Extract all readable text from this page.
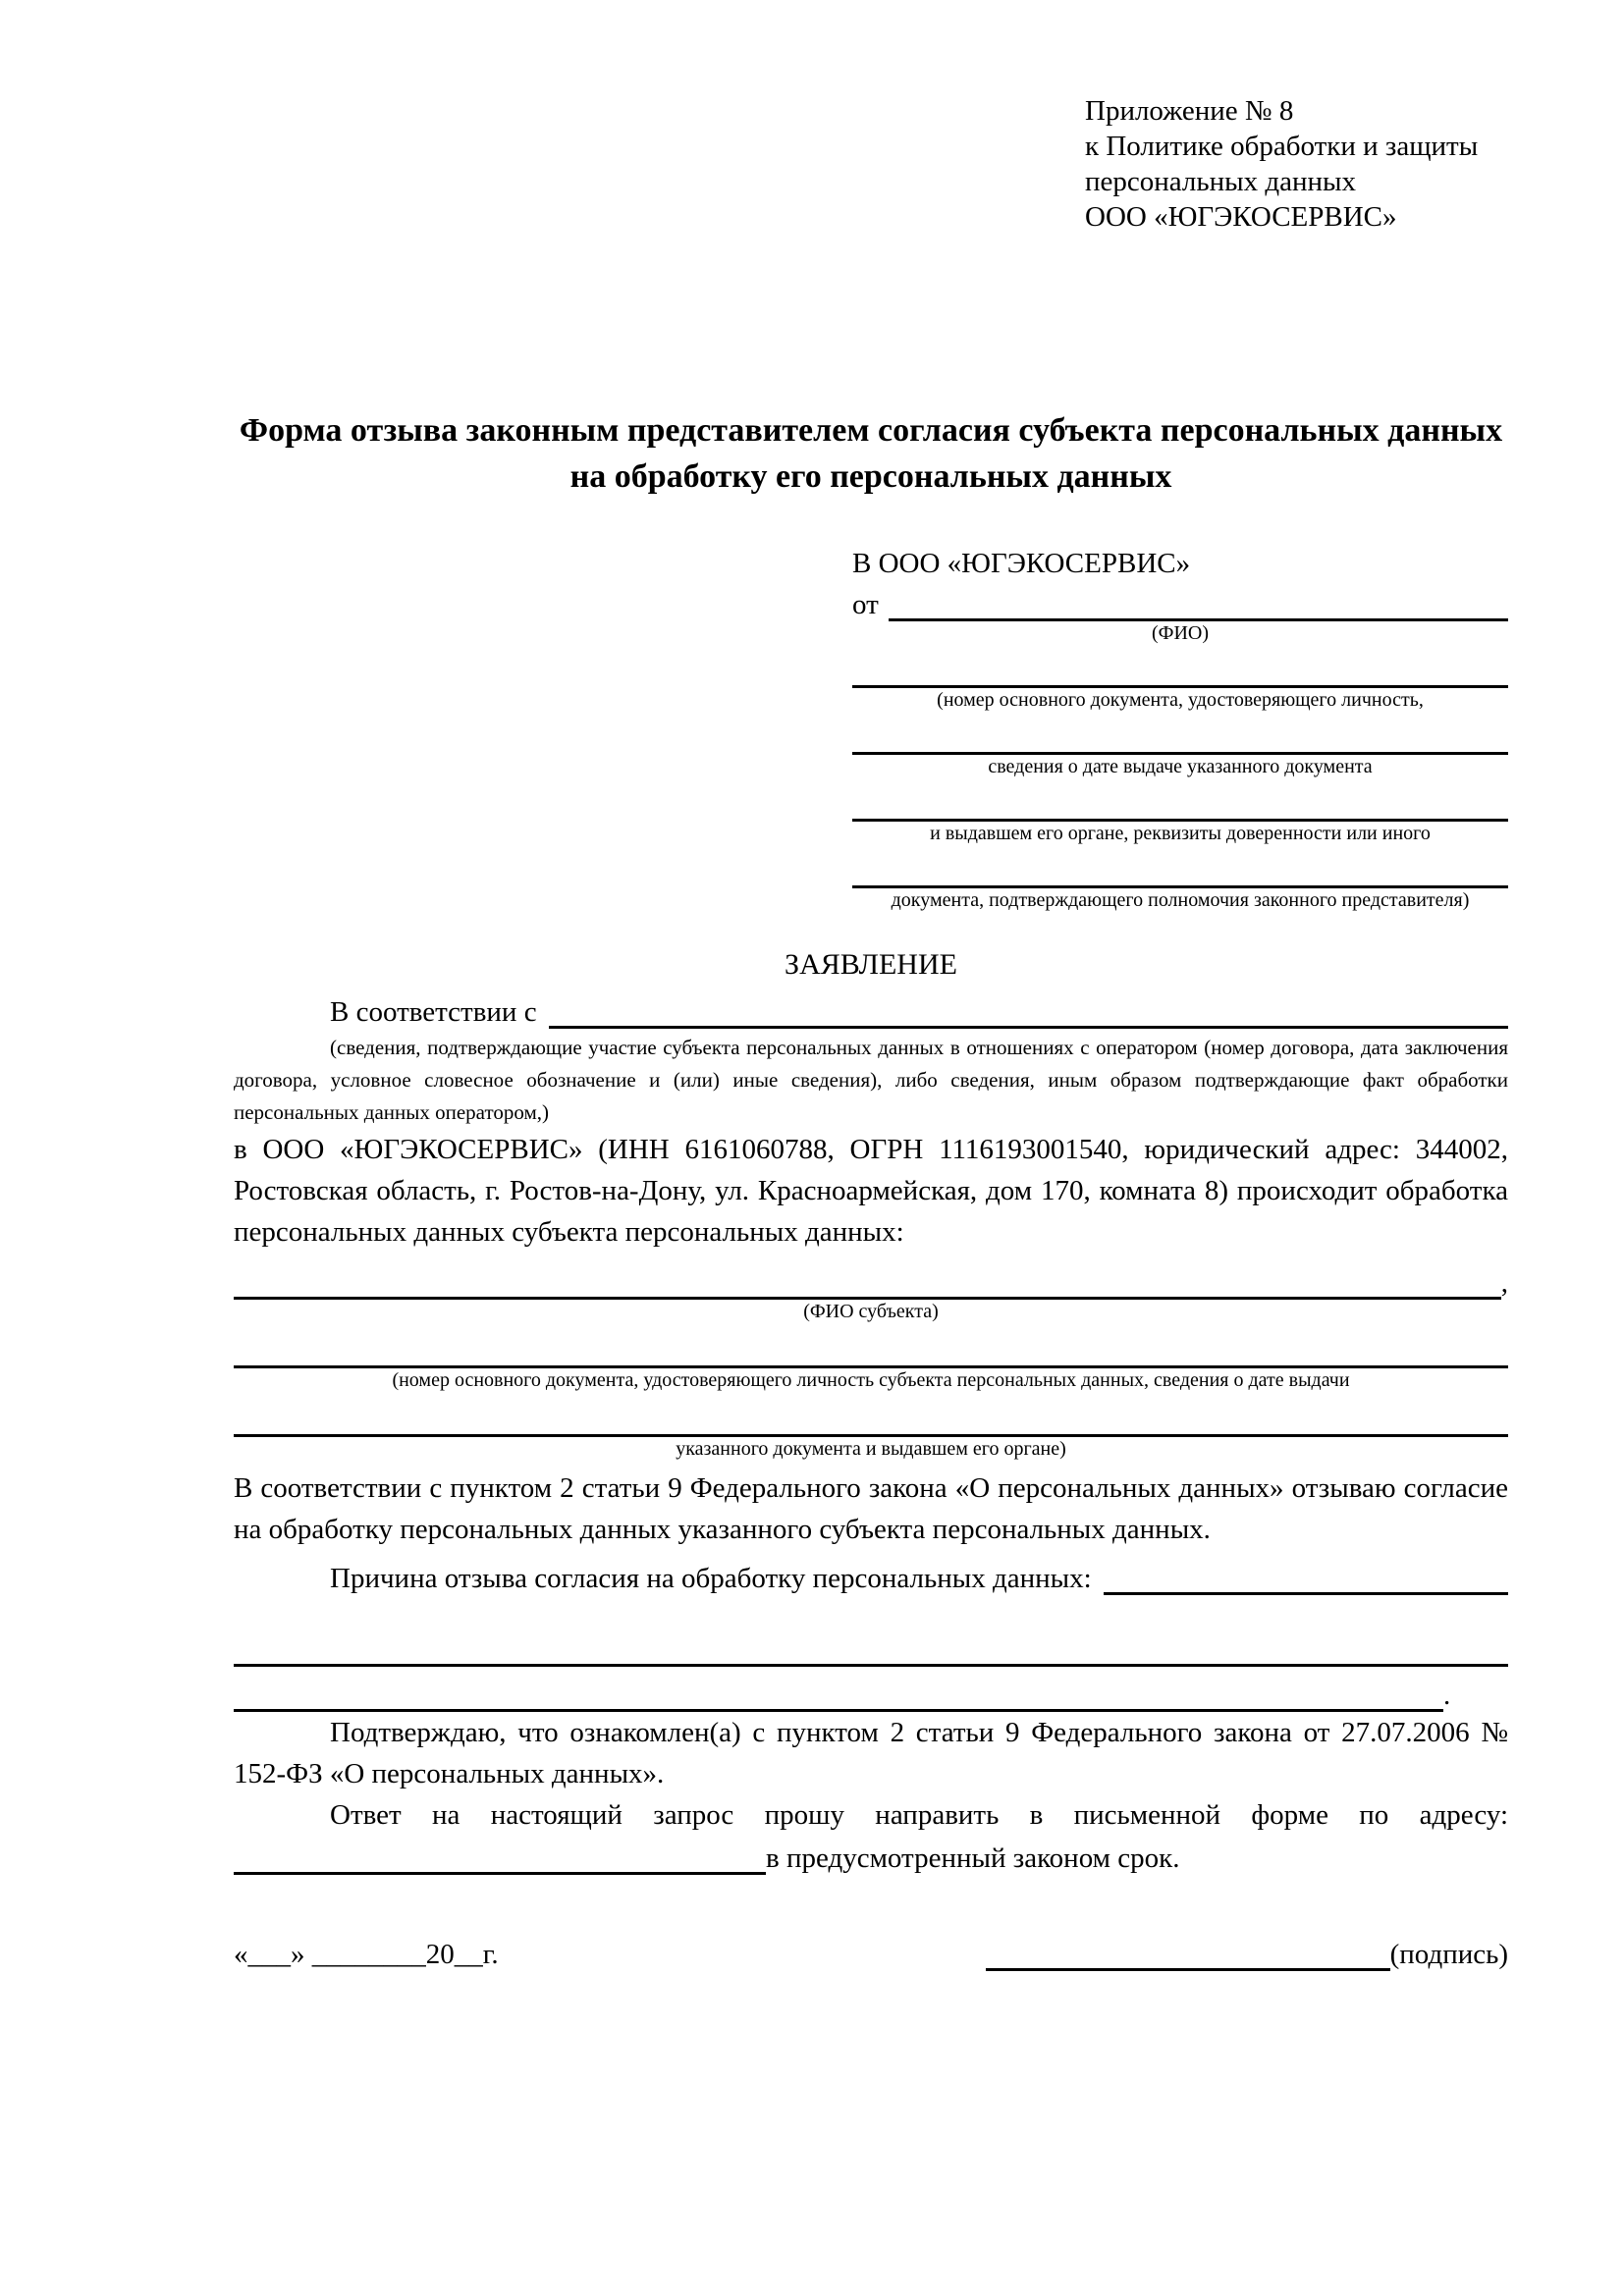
Приложение № 8
к Политике обработки и защиты
персональных данных
ООО «ЮГЭКОСЕРВИС»
Форма отзыва законным представителем согласия субъекта персональных данных на обработку его персональных данных
В ООО «ЮГЭКОСЕРВИС»
от
(ФИО)
(номер основного документа, удостоверяющего личность,
сведения о дате выдаче указанного документа
и выдавшем его органе, реквизиты доверенности или иного
документа, подтверждающего полномочия законного представителя)
ЗАЯВЛЕНИЕ
В соответствии с
(сведения, подтверждающие участие субъекта персональных данных в отношениях с оператором (номер договора, дата заключения договора, условное словесное обозначение и (или) иные сведения), либо сведения, иным образом подтверждающие факт обработки персональных данных оператором,)
в ООО «ЮГЭКОСЕРВИС» (ИНН 6161060788, ОГРН 1116193001540, юридический адрес: 344002, Ростовская область, г. Ростов-на-Дону, ул. Красноармейская, дом 170, комната 8) происходит обработка персональных данных субъекта персональных данных:
,
(ФИО субъекта)
(номер основного документа, удостоверяющего личность субъекта персональных данных, сведения о дате выдачи
указанного документа и выдавшем его органе)
В соответствии с пунктом 2 статьи 9 Федерального закона «О персональных данных» отзываю согласие на обработку персональных данных указанного субъекта персональных данных.
Причина отзыва согласия на обработку персональных данных:
.
Подтверждаю, что ознакомлен(а) с пунктом 2 статьи 9 Федерального закона от 27.07.2006 № 152-ФЗ «О персональных данных».
Ответ на настоящий запрос прошу направить в письменной форме по адресу:
в предусмотренный законом срок.
«___» ________20__г.	(подпись)
